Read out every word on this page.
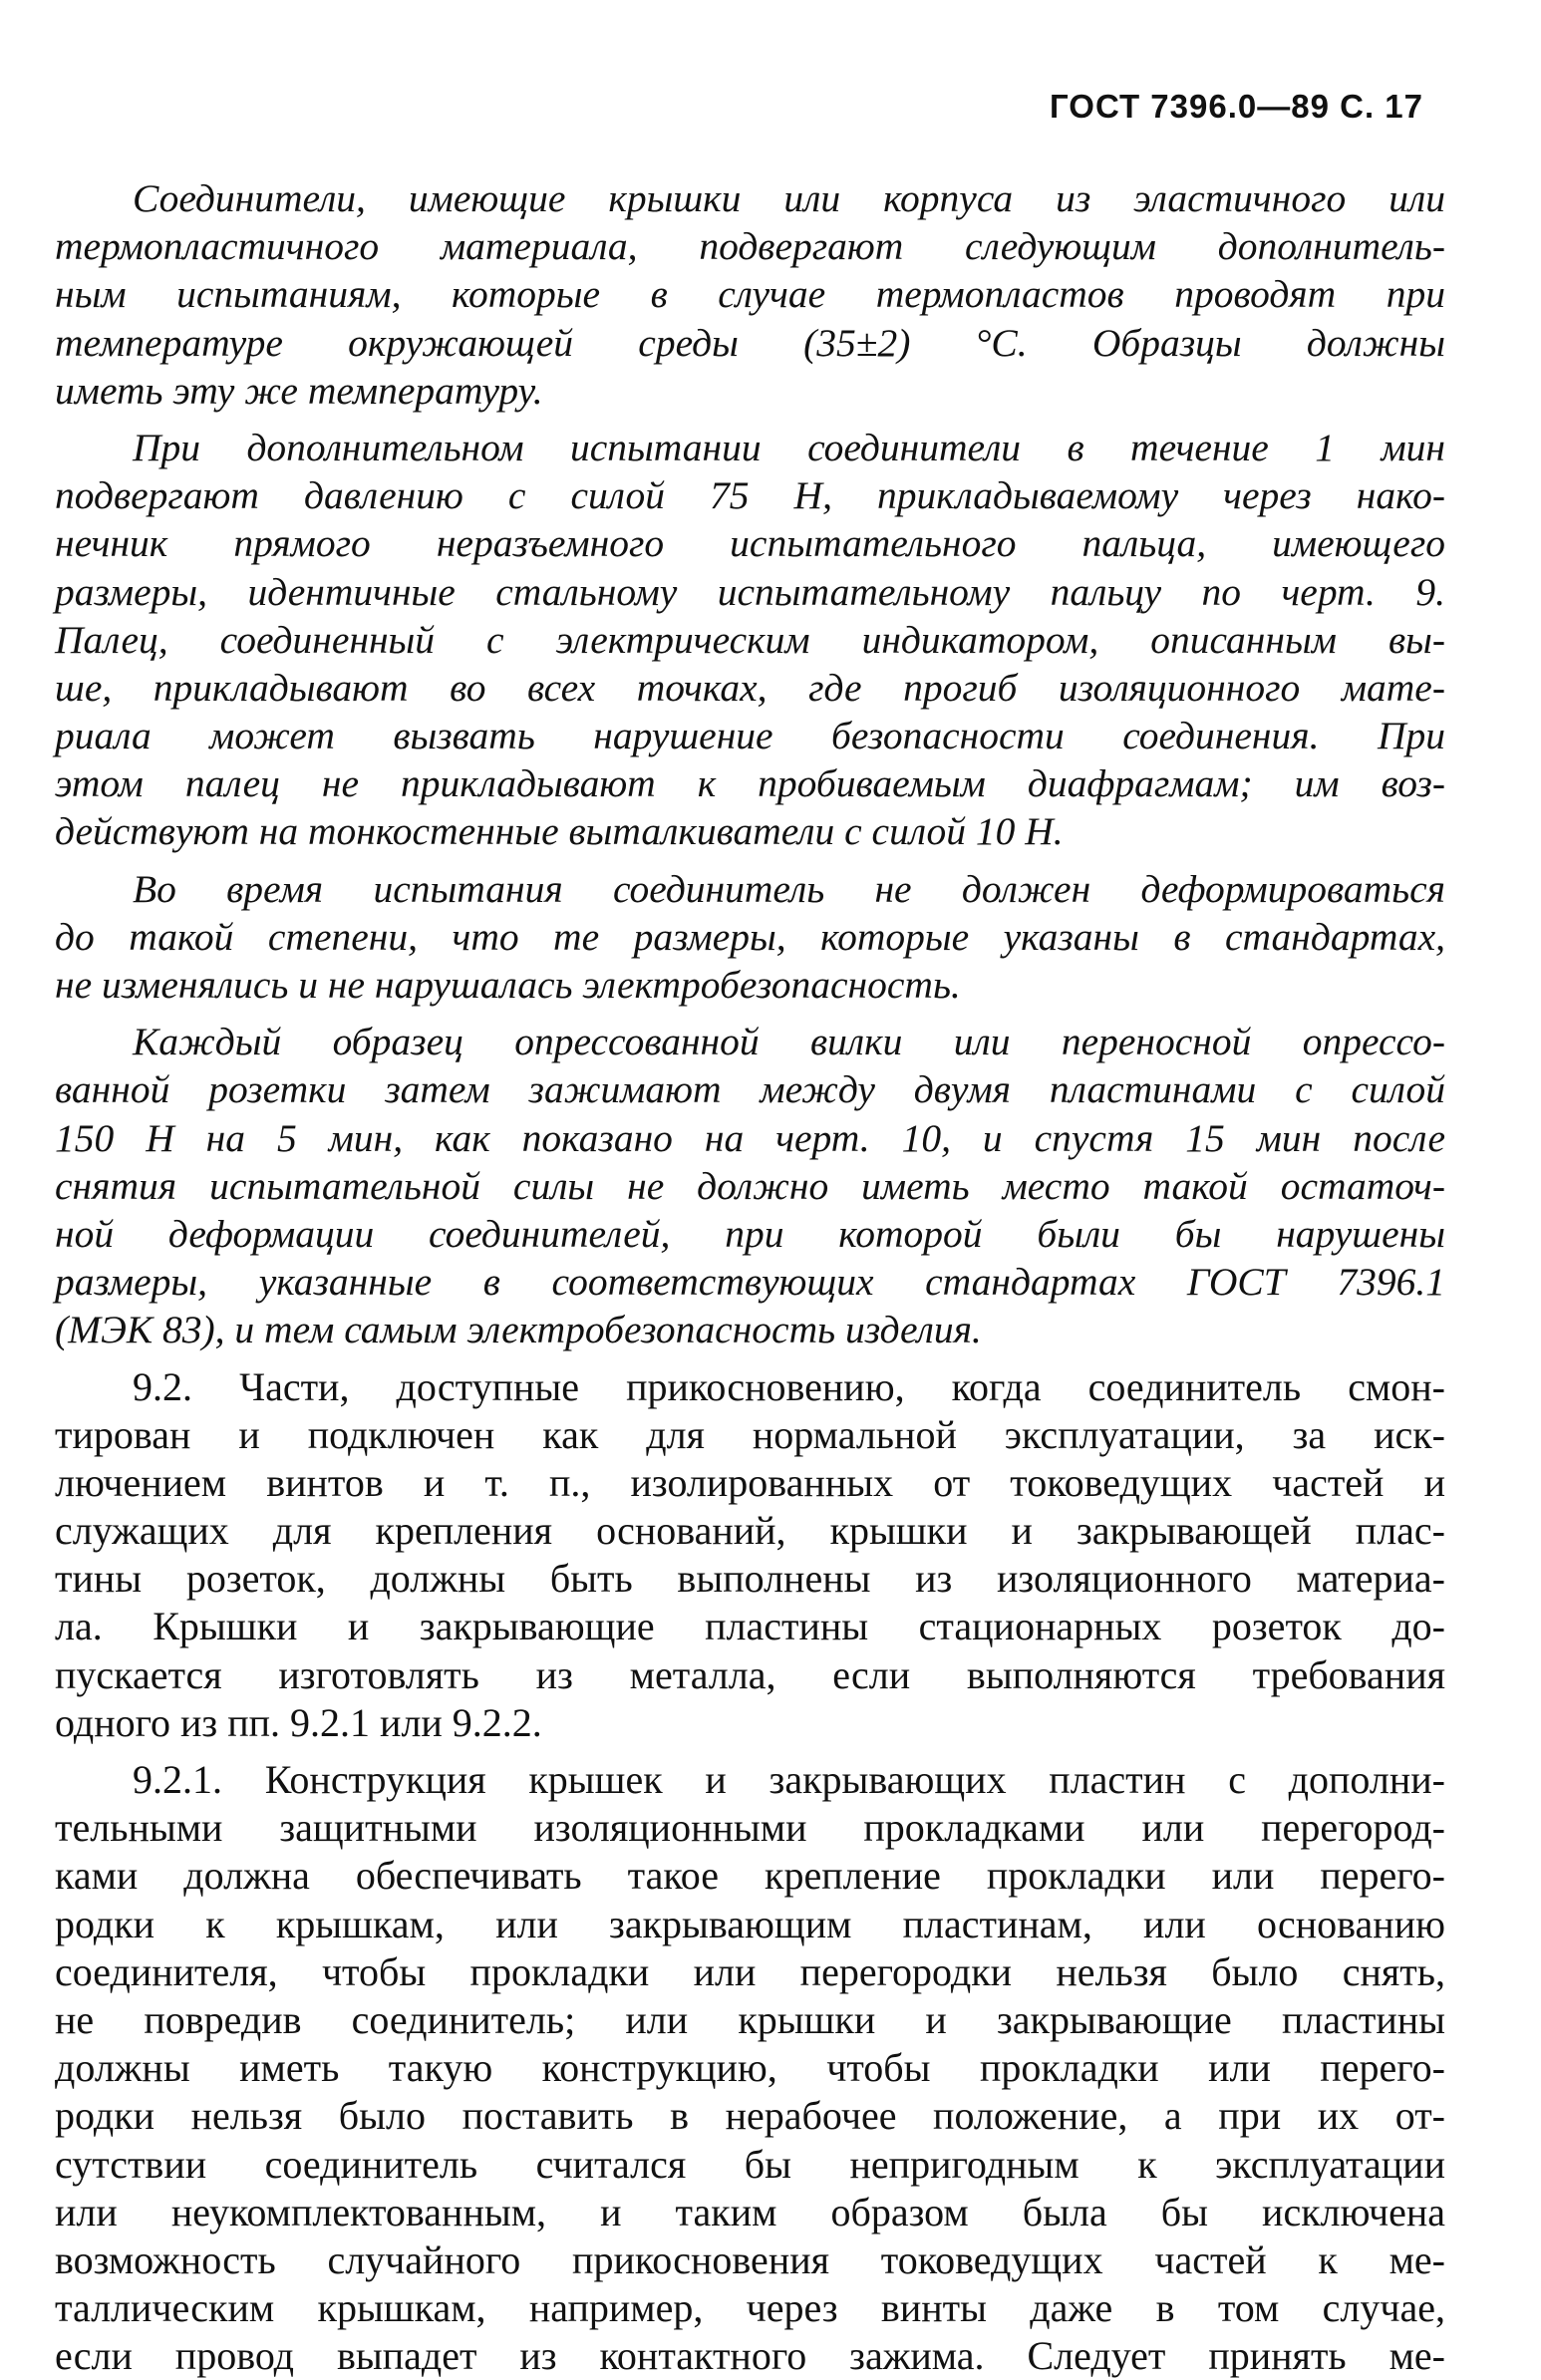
ГОСТ 7396.0—89 С. 17
Соединители, имеющие крышки или корпуса из эластичного или
термопластичного материала, подвергают следующим дополнитель-
ным испытаниям, которые в случае термопластов проводят при
температуре окружающей среды (35±2) °С. Образцы должны
иметь эту же температуру.
При дополнительном испытании соединители в течение 1 мин
подвергают давлению с силой 75 Н, прикладываемому через нако-
нечник прямого неразъемного испытательного пальца, имеющего
размеры, идентичные стальному испытательному пальцу по черт. 9.
Палец, соединенный с электрическим индикатором, описанным вы-
ше, прикладывают во всех точках, где прогиб изоляционного мате-
риала может вызвать нарушение безопасности соединения. При
этом палец не прикладывают к пробиваемым диафрагмам; им воз-
действуют на тонкостенные выталкиватели с силой 10 Н.
Во время испытания соединитель не должен деформироваться
до такой степени, что те размеры, которые указаны в стандартах,
не изменялись и не нарушалась электробезопасность.
Каждый образец опрессованной вилки или переносной опрессо-
ванной розетки затем зажимают между двумя пластинами с силой
150 Н на 5 мин, как показано на черт. 10, и спустя 15 мин после
снятия испытательной силы не должно иметь место такой остаточ-
ной деформации соединителей, при которой были бы нарушены
размеры, указанные в соответствующих стандартах ГОСТ 7396.1
(МЭК 83), и тем самым электробезопасность изделия.
9.2. Части, доступные прикосновению, когда соединитель смон-
тирован и подключен как для нормальной эксплуатации, за иск-
лючением винтов и т. п., изолированных от токоведущих частей и
служащих для крепления оснований, крышки и закрывающей плас-
тины розеток, должны быть выполнены из изоляционного материа-
ла. Крышки и закрывающие пластины стационарных розеток до-
пускается изготовлять из металла, если выполняются требования
одного из пп. 9.2.1 или 9.2.2.
9.2.1. Конструкция крышек и закрывающих пластин с дополни-
тельными защитными изоляционными прокладками или перегород-
ками должна обеспечивать такое крепление прокладки или перего-
родки к крышкам, или закрывающим пластинам, или основанию
соединителя, чтобы прокладки или перегородки нельзя было снять,
не повредив соединитель; или крышки и закрывающие пластины
должны иметь такую конструкцию, чтобы прокладки или перего-
родки нельзя было поставить в нерабочее положение, а при их от-
сутствии соединитель считался бы непригодным к эксплуатации
или неукомплектованным, и таким образом была бы исключена
возможность случайного прикосновения токоведущих частей к ме-
таллическим крышкам, например, через винты даже в том случае,
если провод выпадет из контактного зажима. Следует принять ме-
